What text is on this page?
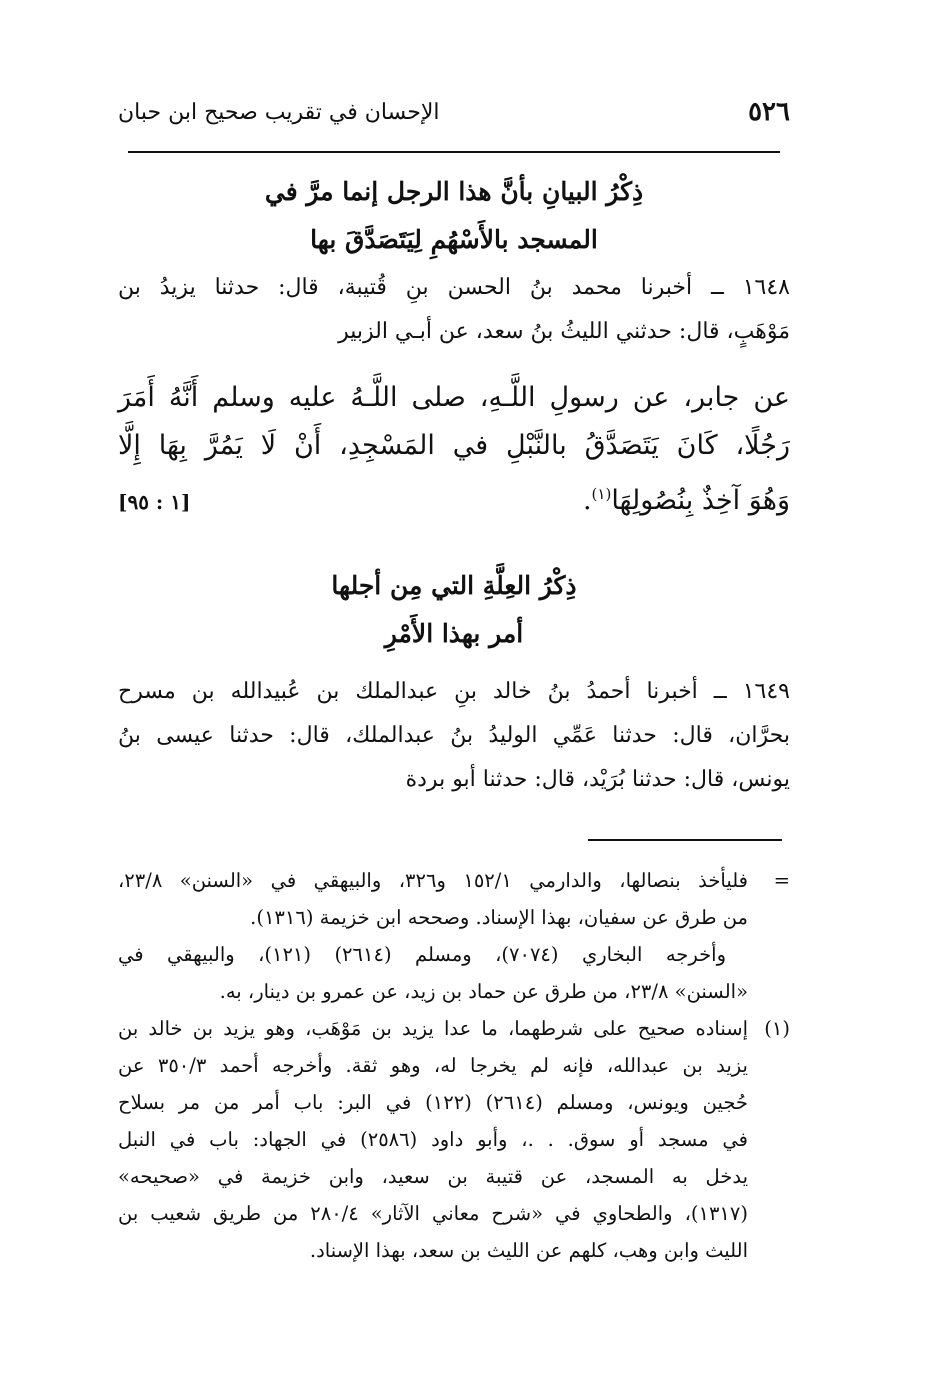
٥٢٦
الإحسان في تقريب صحيح ابن حبان
ذِكْرُ البيانِ بأنَّ هذا الرجل إنما مرَّ في
المسجد بالأَسْهُمِ لِيَتَصَدَّقَ بها
١٦٤٨ ــ أخبرنا محمد بنُ الحسن بنِ قُتيبة، قال: حدثنا يزيدُ بن
مَوْهَبٍ، قال: حدثني الليثُ بنُ سعد، عن أبـي الزبير
عن جابر، عن رسولِ اللَّـهِ، صلى اللَّـهُ عليه وسلم أَنَّهُ أَمَرَ
رَجُلًا، كَانَ يَتَصَدَّقُ بالنَّبْلِ في المَسْجِدِ، أَنْ لَا يَمُرَّ بِهَا إِلَّا
وَهُوَ آخِذٌ بِنُصُولِهَا$^{(١)}$.
[١ : ٩٥]
ذِكْرُ العِلَّةِ التي مِن أجلها
أمر بهذا الأَمْرِ
١٦٤٩ ــ أخبرنا أحمدُ بنُ خالد بنِ عبدالملك بن عُبيدالله بن مسرح
بحرَّان، قال: حدثنا عَمِّي الوليدُ بنُ عبدالملك، قال: حدثنا عيسى بنُ
يونس، قال: حدثنا بُرَيْد، قال: حدثنا أبو بردة
=
فليأخذ بنصالها، والدارمي ١٥٢/١ و٣٢٦، والبيهقي في «السنن» ٢٣/٨،
من طرق عن سفيان، بهذا الإسناد. وصححه ابن خزيمة (١٣١٦).
وأخرجه البخاري (٧٠٧٤)، ومسلم (٢٦١٤) (١٢١)، والبيهقي في
«السنن» ٢٣/٨، من طرق عن حماد بن زيد، عن عمرو بن دينار، به.
(١)
إسناده صحيح على شرطهما، ما عدا يزيد بن مَوْهَب، وهو يزيد بن خالد بن
يزيد بن عبدالله، فإنه لم يخرجا له، وهو ثقة. وأخرجه أحمد ٣٥٠/٣ عن
حُجين ويونس، ومسلم (٢٦١٤) (١٢٢) في البر: باب أمر من مر بسلاح
في مسجد أو سوق. . .، وأبو داود (٢٥٨٦) في الجهاد: باب في النبل
يدخل به المسجد، عن قتيبة بن سعيد، وابن خزيمة في «صحيحه»
(١٣١٧)، والطحاوي في «شرح معاني الآثار» ٢٨٠/٤ من طريق شعيب بن
الليث وابن وهب، كلهم عن الليث بن سعد، بهذا الإسناد.
